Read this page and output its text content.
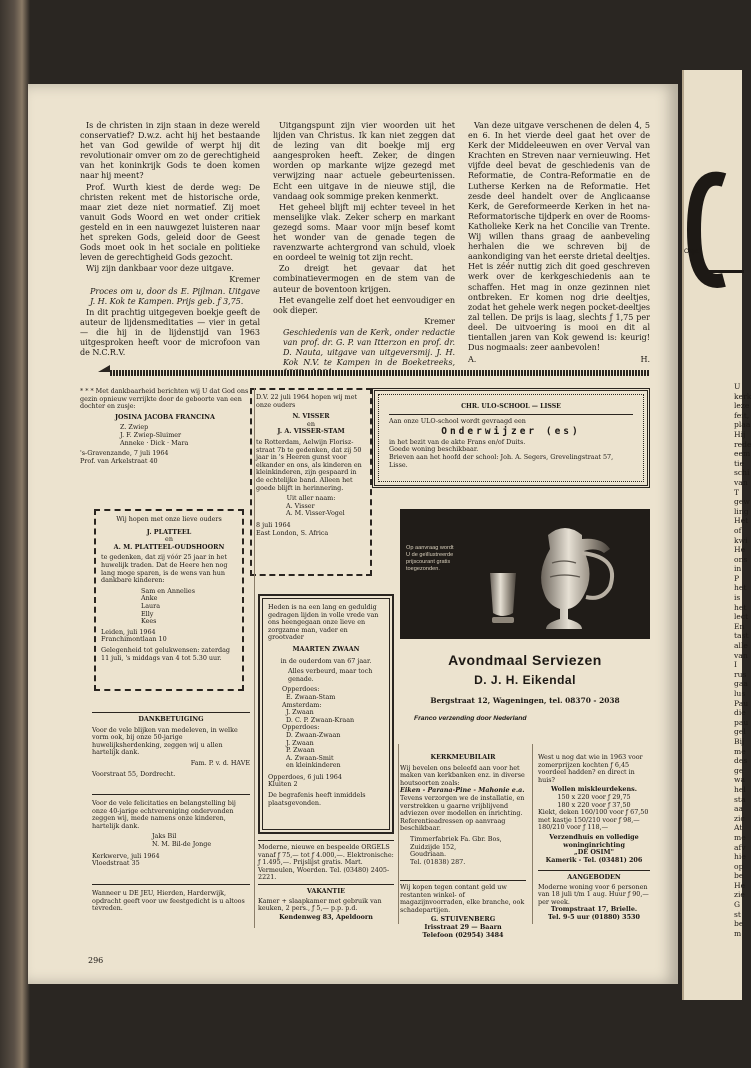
Is de christen in zijn staan in deze wereld conservatief? D.w.z. acht hij het bestaande het van God gewilde of werpt hij dit revolutionair omver om zo de gerechtigheid van het koninkrijk Gods te doen komen naar hij meent?

Prof. Wurth kiest de derde weg: De christen rekent met de historische orde, maar ziet deze niet normatief. Zij moet vanuit Gods Woord en wet onder critiek gesteld en in een nauwgezet luisteren naar het spreken Gods, geleid door de Geest Gods moet ook in het sociale en politieke leven de gerechtigheid Gods gezocht.

Wij zijn dankbaar voor deze uitgave.

Kremer

Proces om u, door ds E. Pijlman. Uitgave J. H. Kok te Kampen. Prijs geb. ƒ 3,75.

In dit prachtig uitgegeven boekje geeft de auteur de lijdensmeditaties — vier in getal — die hij in de lijdenstijd van 1963 uitgesproken heeft voor de microfoon van de N.C.R.V.

Uitgangspunt zijn vier woorden uit het lijden van Christus. Ik kan niet zeggen dat de lezing van dit boekje mij erg aangesproken heeft. Zeker, de dingen worden op markante wijze gezegd met verwijzing naar actuele gebeurtenissen. Echt een uitgave in de nieuwe stijl, die vandaag ook sommige preken kenmerkt.

Het geheel blijft mij echter teveel in het menselijke vlak. Zeker scherp en markant gezegd soms. Maar voor mijn besef komt het wonder van de genade tegen de ravenzwarte achtergrond van schuld, vloek en oordeel te weinig tot zijn recht.

Zo dreigt het gevaar dat het combinatievermogen en de stem van de auteur de boventoon krijgen.

Het evangelie zelf doet het eenvoudiger en ook dieper.

Kremer

Geschiedenis van de Kerk, onder redactie van prof. dr. G. P. van Itterzon en prof. dr. D. Nauta, uitgave van uitgeversmij. J. H. Kok N.V. te Kampen in de Boeketreeks,

Van deze uitgave verschenen de delen 4, 5 en 6. In het vierde deel gaat het over de Kerk der Middeleeuwen en over Verval van Krachten en Streven naar vernieuwing. Het vijfde deel bevat de geschiedenis van de Reformatie, de Contra-Reformatie en de Lutherse Kerken na de Reformatie. Het zesde deel handelt over de Anglicaanse Kerk, de Gereformeerde Kerken in het na-Reformatorische tijdperk en over de Rooms-Katholieke Kerk na het Concilie van Trente. Wij willen thans graag de aanbeveling herhalen die we schreven bij de aankondiging van het eerste drietal deeltjes. Het is zéér nuttig zich dit goed geschreven werk over de kerkgeschiedenis aan te schaffen. Het mag in onze gezinnen niet ontbreken. Er komen nog drie deeltjes, zodat het gehele werk negen pocket-deeltjes zal tellen. De prijs is laag, slechts ƒ 1,75 per deel. De uitvoering is mooi en dit al tientallen jaren van Kok gewend is: keurig! Dus nogmaals: zeer aanbevolen!

A.	H.
* * * Met dankbaarheid berichten wij U dat God ons gezin opnieuw verrijkte door de geboorte van een dochter en zusje:
JOSINA JACOBA FRANCINA
Z. Zwiep
J. F. Zwiep-Sluimer
Anneke · Dick · Mara
's-Gravenzande, 7 juli 1964
Prof. van Arkelstraat 40
D.V. 22 juli 1964 hopen wij met onze ouders
N. VISSER
en
J. A. VISSER-STAM
te Rotterdam, Aelwijn Florisz-straat 7b te gedenken, dat zij 50 jaar in 's Heeren gunst voor elkander en ons, als kinderen en kleinkinderen, zijn gespaard in de echtelijke band. Alleen het goede blijft in herinnering.
Uit aller naam:
A. Visser
A. M. Visser-Vogel
8 juli 1964
East London, S. Africa
CHR. ULO-SCHOOL — LISSE
Aan onze ULO-school wordt gevraagd een
Onderwijzer (es)
in het bezit van de akte Frans en/of Duits.
Goede woning beschikbaar.
Brieven aan het hoofd der school: Joh. A. Segers, Grevelingstraat 57, Lisse.
Wij hopen met onze lieve ouders
J. PLATTEEL
en
A. M. PLATTEEL-OUDSHOORN
te gedenken, dat zij vóór 25 jaar in het huwelijk traden. Dat de Heere hen nog lang moge sparen, is de wens van hun dankbare kinderen:
Sam en Annelies
Anke
Laura
Elly
Kees
Leiden, juli 1964
Franchimontlaan 10
Gelegenheid tot gelukwensen: zaterdag 11 juli, 's middags van 4 tot 5.30 uur.
Heden is na een lang en geduldig gedragen lijden in volle vrede van ons heengegaan onze lieve en zorgzame man, vader en grootvader
MAARTEN ZWAAN
in de ouderdom van 67 jaar.
Alles verbeurd, maar toch genade.
Opperdoes:
E. Zwaan-Stam
Amsterdam:
J. Zwaan
D. C. P. Zwaan-Kraan
Opperdoes:
D. Zwaan-Zwaan
J. Zwaan
P. Zwaan
A. Zwaan-Smit
en kleinkinderen
Opperdoes, 6 juli 1964
Kluiten 2
De begrafenis heeft inmiddels plaatsgevonden.
Op aanvraag wordt U de geïllustreerde prijscourant gratis toegezonden.
Avondmaal Serviezen
D. J. H. Eikendal
Bergstraat 12, Wageningen, tel. 08370 - 2038
Franco verzending door Nederland
DANKBETUIGING
Voor de vele blijken van medeleven, in welke vorm ook, bij onze 50-jarige huwelijksherdenking, zeggen wij u allen hartelijk dank.
Fam. P. v. d. HAVE
Voorstraat 55, Dordrecht.
Voor de vele felicitaties en belangstelling bij onze 40-jarige echtvereniging ondervonden zeggen wij, mede namens onze kinderen, hartelijk dank.
Jaks Bil
N. M. Bil-de Jonge
Kerkwerve, juli 1964
Vloedstraat 35
Wanneer u DE JEU, Hierden, Harderwijk, opdracht geeft voor uw feestgedicht is u altoos tevreden.
Moderne, nieuwe en bespeelde ORGELS vanaf ƒ 75,— tot ƒ 4.000,—. Elektronische: ƒ 1.495,—. Prijslijst gratis. Mart. Vermeulen, Woerden. Tel. (03480) 2405-2221.
VAKANTIE
Kamer + slaapkamer met gebruik van keuken, 2 pers., ƒ 5,— p.p. p.d.
Kendenweg 83, Apeldoorn
KERKMEUBILAIR
Wij bevelen ons beleefd aan voor het maken van kerkbanken enz. in diverse houtsoorten zoals:
Eiken - Parana-Pine - Mahonie e.a.
Tevens verzorgen we de installatie, en verstrekken u gaarne vrijblijvend adviezen over modellen en inrichting. Referentieadressen op aanvraag beschikbaar.
Timmerfabriek Fa. Gbr. Bos,
Zuidzijde 152,
Goudriaan.
Tel. (01838) 287.
Wij kopen tegen contant geld uw restanten winkel- of magazijnvoorraden, elke branche, ook schadepartijen.
G. STUIVENBERG
Irisstraat 29 — Baarn
Telefoon (02954) 3484
West u nog dat wie in 1963 voor zomerprijzen kochten ƒ 6,45 voordeel hadden? en direct in huis?
Wollen miskleurdekens.
150 x 220 voor ƒ 29,75
180 x 220 voor ƒ 37,50
Kiekt, deken 160/100 voor ƒ 67,50 met kastje 150/210 voor ƒ 98,— 180/210 voor ƒ 118,—
Verzendhuis en volledige woninginrichting
„DE OSIM"
Kamerik - Tel. (03481) 206
AANGEBODEN
Moderne woning voor 6 personen van 18 juli t/m 1 aug. Huur ƒ 90,— per week.
Trompstraat 17, Brielle.
Tel. 9-5 uur (01880) 3530
296
Orga
U
kerk
leze
feit,
plaa
Hij
rede
eem
tie
schi
van
T
gew
ling
Het
of
kwi
He
ons
in
P
het
is
het
lect
En
tast
alle
van
I
rus
gaa
lus
Pau
die
pau
gel
Bij
me
des
ge
wa
hel
sta
aa
zic
At
me
afv
hie
op
be
He
zie
G
st
be
m
